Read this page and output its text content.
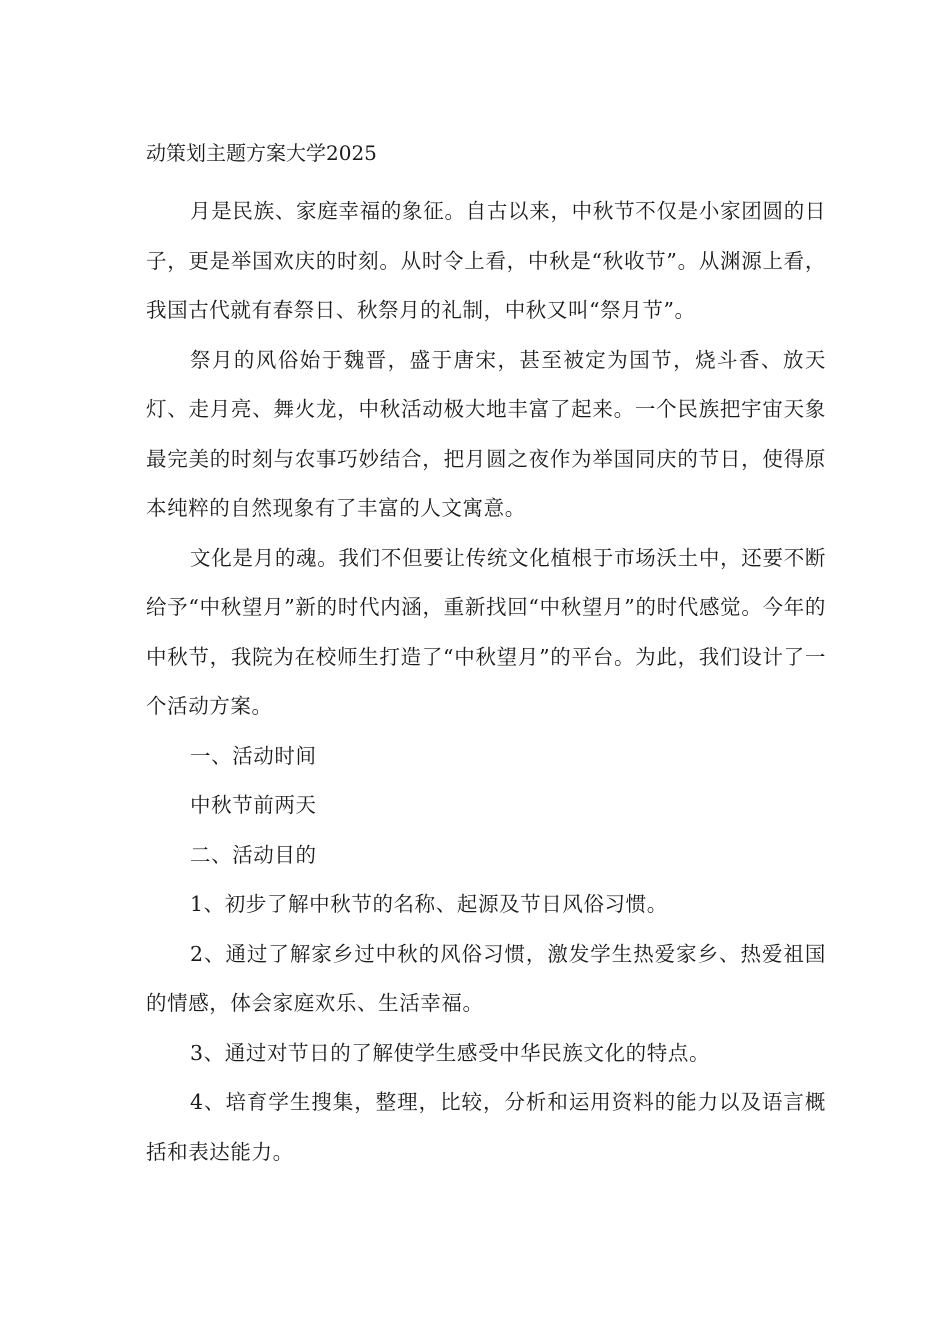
动策划主题方案大学2025

月是民族、家庭幸福的象征。自古以来，中秋节不仅是小家团圆的日子，更是举国欢庆的时刻。从时令上看，中秋是“秋收节”。从渊源上看，我国古代就有春祭日、秋祭月的礼制，中秋又叫“祭月节”。

祭月的风俗始于魏晋，盛于唐宋，甚至被定为国节，烧斗香、放天灯、走月亮、舞火龙，中秋活动极大地丰富了起来。一个民族把宇宙天象最完美的时刻与农事巧妙结合，把月圆之夜作为举国同庆的节日，使得原本纯粹的自然现象有了丰富的人文寓意。

文化是月的魂。我们不但要让传统文化植根于市场沃土中，还要不断给予“中秋望月”新的时代内涵，重新找回“中秋望月”的时代感觉。今年的中秋节，我院为在校师生打造了“中秋望月”的平台。为此，我们设计了一个活动方案。

一、活动时间

中秋节前两天

二、活动目的

1、初步了解中秋节的名称、起源及节日风俗习惯。

2、通过了解家乡过中秋的风俗习惯，激发学生热爱家乡、热爱祖国的情感，体会家庭欢乐、生活幸福。

3、通过对节日的了解使学生感受中华民族文化的特点。

4、培育学生搜集，整理，比较，分析和运用资料的能力以及语言概括和表达能力。
